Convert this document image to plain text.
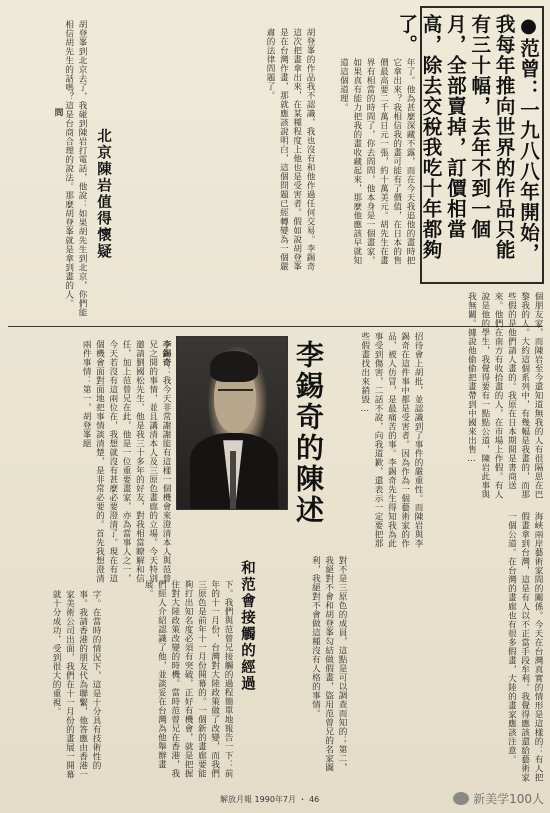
●范曾：一九八八年開始，我每年推向世界的作品只能有三十幅，去年不到一個月，全部賣掉，訂價相當高，除去交稅我吃十年都夠了。
年了。他為甚麼深藏不露，而在今天我追他的畫時把它拿出來？我相信我的畫可能有了價值，在日本的售價最高要二千萬日元一張，約十萬美元。胡先生在畫界有相當的時間了，你去問問，他本身是一個畫家，如果真有能力把我的畫收藏起來，那麼他應該早就知道這個道理。
胡登峯的作品我不認識，我也沒有和他作過任何交易。李錫奇這次把畫拿出來，在某種程度上他也是受害者。假如說胡登峯是在台灣作畫，那就應該說明白，這個問題已經轉變為一個嚴肅的法律問題了。
北京陳岩值得懷疑
胡登峯到北京去了，我碰到陳岩打電話，他說：如果胡先生到北京，你們能相信胡先生的話嗎？這是台商合理的說法。那麼胡登峯就是拿到畫的人。
問
個朋友家，而陳岩至今還知道無我的人有很隔思在巴黎我的人。大約這個系列中，有幾幅是我畫的，而那些假的是他們請人畫的。我原在日本期間是書商送來。他們在南方有收拾畫的人，在市場上作假。有人說是他的學生，我覺得要有一點點公道，陳岩此事與我無關。據說他偷偷把畫帶到中國來出售…
招待會上胡批，並認識到了事件的嚴重性。而陳岩與李錫奇在這件事中都是受害者。因為作為一個藝術家的作品，被人仿冒，是最痛苦的事。李錫奇先生得知我為此事受到傷害，二話不說，向我道歉，還表示一定要把那些假畫找出來銷毀…
李錫奇的陳述
李錫奇：我今天非常謝謝能有這樣一個機會來澄清本人與范曾兄之間的事情，並且講清本人及三原色畫廊的立場。今天特別邀請劉國松先生、他是我三十多年的好友，對我相當瞭解和信任，加上范曾兄在此，他是一位重要畫家，亦為當事人之一，今天若沒有這兩位在，我想就沒有甚麼必要澄清了。現在有這個機會面對面地把事情談清楚，是非常必要的。首先我想澄清兩件事情：第一，胡登峯絕
海峽兩岸藝術家間的關係。今天在台灣真實的情形是這樣的：有人把假畫拿到台灣，這是有人以不正當手段牟利。我覺得應該還給藝術家一個公道。在台灣的畫廊也有很多假畫，大陸的畫家應該注意。
對不是三原色的成員，這點是可以調查而知的；第二，我絕對不會和胡登峯勾結做假畫，盜用范曾兄的名家圖利，我絕對不會做這種沒有人格的事情。
和范會接觸的經過
下。我們與范曾兄接觸的過程簡單地報告一下：前年的十一月份，台灣對大陸政策做了改變，而我們三原色是前年十一月份開幕的。一個新的畫廊要能夠打出知名度必須有突破，正好有機會，就是把握住對大陸政策改變的時機。當時范曾兄在香港，我們經人介紹認識了他，並談妥在台灣為他舉辦畫展。
字。在當時的情況下，這是十分具有技術性的事。我請香港的朋友代為聯繫，他答應由香港一家美術公司出面，我們在十一月份的畫展一開幕就十分成功，受到很大的重視。
解放月報 1990年7月 ・ 46	新美学100人
